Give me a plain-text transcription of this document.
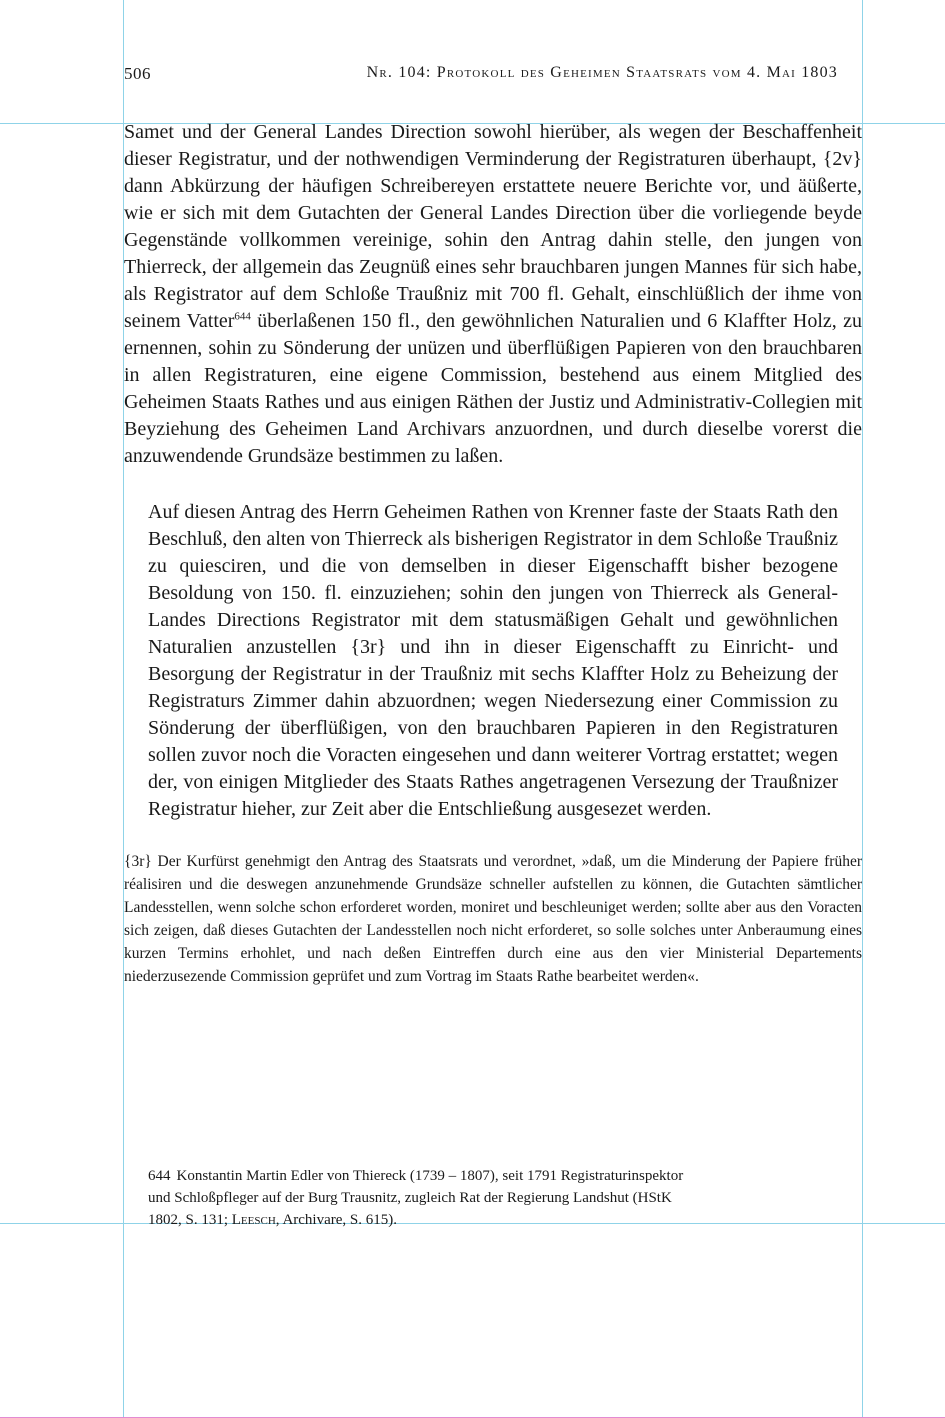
506	Nr. 104: Protokoll des Geheimen Staatsrats vom 4. Mai 1803

Samet und der General Landes Direction sowohl hierüber, als wegen der Beschaffenheit dieser Registratur, und der nothwendigen Verminderung der Registraturen überhaupt, {2v} dann Abkürzung der häufigen Schreibereyen erstattete neuere Berichte vor, und äüßerte, wie er sich mit dem Gutachten der General Landes Direction über die vorliegende beyde Gegenstände vollkommen vereinige, sohin den Antrag dahin stelle, den jungen von Thierreck, der allgemein das Zeugnüß eines sehr brauchbaren jungen Mannes für sich habe, als Registrator auf dem Schloße Traußniz mit 700 fl. Gehalt, einschlüßlich der ihme von seinem Vatter$^{644}$ überlaßenen 150 fl., den gewöhnlichen Naturalien und 6 Klaffter Holz, zu ernennen, sohin zu Sönderung der unüzen und überflüßigen Papieren von den brauchbaren in allen Registraturen, eine eigene Commission, bestehend aus einem Mitglied des Geheimen Staats Rathes und aus einigen Räthen der Justiz und Administrativ-Collegien mit Beyziehung des Geheimen Land Archivars anzuordnen, und durch dieselbe vorerst die anzuwendende Grundsäze bestimmen zu laßen.

Auf diesen Antrag des Herrn Geheimen Rathen von Krenner faste der Staats Rath den Beschluß, den alten von Thierreck als bisherigen Registrator in dem Schloße Traußniz zu quiesciren, und die von demselben in dieser Eigenschafft bisher bezogene Besoldung von 150. fl. einzuziehen; sohin den jungen von Thierreck als General-Landes Directions Registrator mit dem statusmäßigen Gehalt und gewöhnlichen Naturalien anzustellen {3r} und ihn in dieser Eigenschafft zu Einricht- und Besorgung der Registratur in der Traußniz mit sechs Klaffter Holz zu Beheizung der Registraturs Zimmer dahin abzuordnen; wegen Niedersezung einer Commission zu Sönderung der überflüßigen, von den brauchbaren Papieren in den Registraturen sollen zuvor noch die Voracten eingesehen und dann weiterer Vortrag erstattet; wegen der, von einigen Mitglieder des Staats Rathes angetragenen Versezung der Traußnizer Registratur hieher, zur Zeit aber die Entschließung ausgesezet werden.

{3r} Der Kurfürst genehmigt den Antrag des Staatsrats und verordnet, »daß, um die Minderung der Papiere früher réalisiren und die deswegen anzunehmende Grundsäze schneller aufstellen zu können, die Gutachten sämtlicher Landesstellen, wenn solche schon erforderet worden, moniret und beschleuniget werden; sollte aber aus den Voracten sich zeigen, daß dieses Gutachten der Landesstellen noch nicht erforderet, so solle solches unter Anberaumung eines kurzen Termins erhohlet, und nach deßen Eintreffen durch eine aus den vier Ministerial Departements niederzusezende Commission geprüfet und zum Vortrag im Staats Rathe bearbeitet werden«.

644 Konstantin Martin Edler von Thiereck (1739 – 1807), seit 1791 Registraturinspektor und Schloßpfleger auf der Burg Trausnitz, zugleich Rat der Regierung Landshut (HStK 1802, S. 131; Leesch, Archivare, S. 615).
